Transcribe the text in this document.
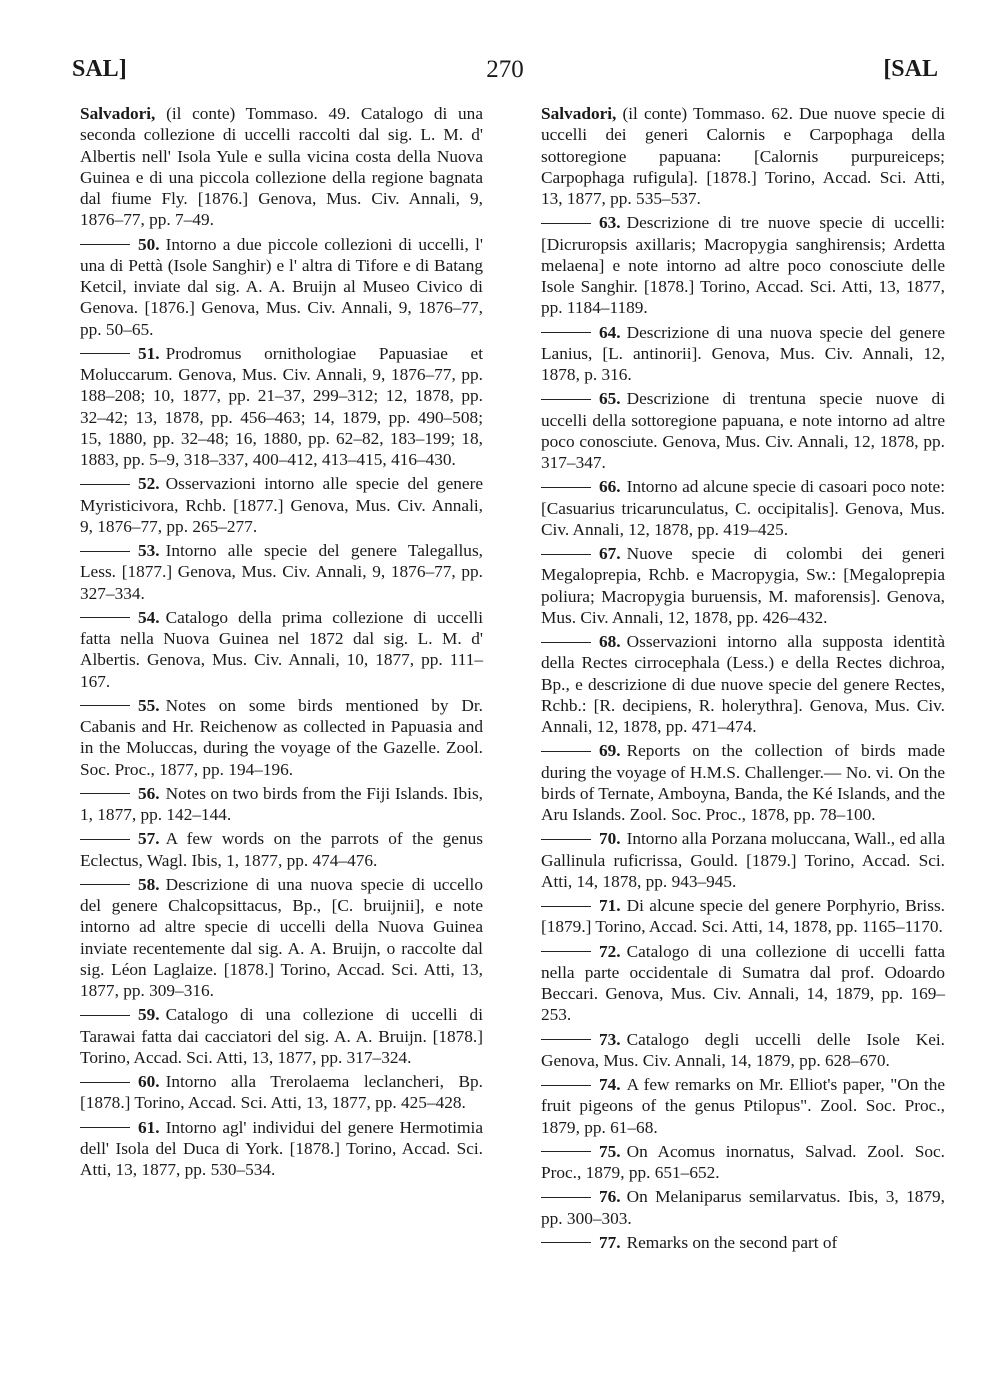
SAL]	270	[SAL
Salvadori, (il conte) Tommaso. 49. Catalogo di una seconda collezione di uccelli raccolti dal sig. L. M. d' Albertis nell' Isola Yule e sulla vicina costa della Nuova Guinea e di una piccola collezione della regione bagnata dal fiume Fly. [1876.] Genova, Mus. Civ. Annali, 9, 1876–77, pp. 7–49.
50. Intorno a due piccole collezioni di uccelli, l' una di Pettà (Isole Sanghir) e l' altra di Tifore e di Batang Ketcil, inviate dal sig. A. A. Bruijn al Museo Civico di Genova. [1876.] Genova, Mus. Civ. Annali, 9, 1876–77, pp. 50–65.
51. Prodromus ornithologiae Papuasiae et Moluccarum. Genova, Mus. Civ. Annali, 9, 1876–77, pp. 188–208; 10, 1877, pp. 21–37, 299–312; 12, 1878, pp. 32–42; 13, 1878, pp. 456–463; 14, 1879, pp. 490–508; 15, 1880, pp. 32–48; 16, 1880, pp. 62–82, 183–199; 18, 1883, pp. 5–9, 318–337, 400–412, 413–415, 416–430.
52. Osservazioni intorno alle specie del genere Myristicivora, Rchb. [1877.] Genova, Mus. Civ. Annali, 9, 1876–77, pp. 265–277.
53. Intorno alle specie del genere Talegallus, Less. [1877.] Genova, Mus. Civ. Annali, 9, 1876–77, pp. 327–334.
54. Catalogo della prima collezione di uccelli fatta nella Nuova Guinea nel 1872 dal sig. L. M. d' Albertis. Genova, Mus. Civ. Annali, 10, 1877, pp. 111–167.
55. Notes on some birds mentioned by Dr. Cabanis and Hr. Reichenow as collected in Papuasia and in the Moluccas, during the voyage of the Gazelle. Zool. Soc. Proc., 1877, pp. 194–196.
56. Notes on two birds from the Fiji Islands. Ibis, 1, 1877, pp. 142–144.
57. A few words on the parrots of the genus Eclectus, Wagl. Ibis, 1, 1877, pp. 474–476.
58. Descrizione di una nuova specie di uccello del genere Chalcopsittacus, Bp., [C. bruijnii], e note intorno ad altre specie di uccelli della Nuova Guinea inviate recentemente dal sig. A. A. Bruijn, o raccolte dal sig. Léon Laglaize. [1878.] Torino, Accad. Sci. Atti, 13, 1877, pp. 309–316.
59. Catalogo di una collezione di uccelli di Tarawai fatta dai cacciatori del sig. A. A. Bruijn. [1878.] Torino, Accad. Sci. Atti, 13, 1877, pp. 317–324.
60. Intorno alla Trerolaema leclancheri, Bp. [1878.] Torino, Accad. Sci. Atti, 13, 1877, pp. 425–428.
61. Intorno agl' individui del genere Hermotimia dell' Isola del Duca di York. [1878.] Torino, Accad. Sci. Atti, 13, 1877, pp. 530–534.
Salvadori, (il conte) Tommaso. 62. Due nuove specie di uccelli dei generi Calornis e Carpophaga della sottoregione papuana: [Calornis purpureiceps; Carpophaga rufigula]. [1878.] Torino, Accad. Sci. Atti, 13, 1877, pp. 535–537.
63. Descrizione di tre nuove specie di uccelli: [Dicruropsis axillaris; Macropygia sanghirensis; Ardetta melaena] e note intorno ad altre poco conosciute delle Isole Sanghir. [1878.] Torino, Accad. Sci. Atti, 13, 1877, pp. 1184–1189.
64. Descrizione di una nuova specie del genere Lanius, [L. antinorii]. Genova, Mus. Civ. Annali, 12, 1878, p. 316.
65. Descrizione di trentuna specie nuove di uccelli della sottoregione papuana, e note intorno ad altre poco conosciute. Genova, Mus. Civ. Annali, 12, 1878, pp. 317–347.
66. Intorno ad alcune specie di casoari poco note: [Casuarius tricarunculatus, C. occipitalis]. Genova, Mus. Civ. Annali, 12, 1878, pp. 419–425.
67. Nuove specie di colombi dei generi Megaloprepia, Rchb. e Macropygia, Sw.: [Megaloprepia poliura; Macropygia buruensis, M. maforensis]. Genova, Mus. Civ. Annali, 12, 1878, pp. 426–432.
68. Osservazioni intorno alla supposta identità della Rectes cirrocephala (Less.) e della Rectes dichroa, Bp., e descrizione di due nuove specie del genere Rectes, Rchb.: [R. decipiens, R. holerythra]. Genova, Mus. Civ. Annali, 12, 1878, pp. 471–474.
69. Reports on the collection of birds made during the voyage of H.M.S. Challenger.— No. vi. On the birds of Ternate, Amboyna, Banda, the Ké Islands, and the Aru Islands. Zool. Soc. Proc., 1878, pp. 78–100.
70. Intorno alla Porzana moluccana, Wall., ed alla Gallinula ruficrissa, Gould. [1879.] Torino, Accad. Sci. Atti, 14, 1878, pp. 943–945.
71. Di alcune specie del genere Porphyrio, Briss. [1879.] Torino, Accad. Sci. Atti, 14, 1878, pp. 1165–1170.
72. Catalogo di una collezione di uccelli fatta nella parte occidentale di Sumatra dal prof. Odoardo Beccari. Genova, Mus. Civ. Annali, 14, 1879, pp. 169–253.
73. Catalogo degli uccelli delle Isole Kei. Genova, Mus. Civ. Annali, 14, 1879, pp. 628–670.
74. A few remarks on Mr. Elliot's paper, "On the fruit pigeons of the genus Ptilopus". Zool. Soc. Proc., 1879, pp. 61–68.
75. On Acomus inornatus, Salvad. Zool. Soc. Proc., 1879, pp. 651–652.
76. On Melaniparus semilarvatus. Ibis, 3, 1879, pp. 300–303.
77. Remarks on the second part of
